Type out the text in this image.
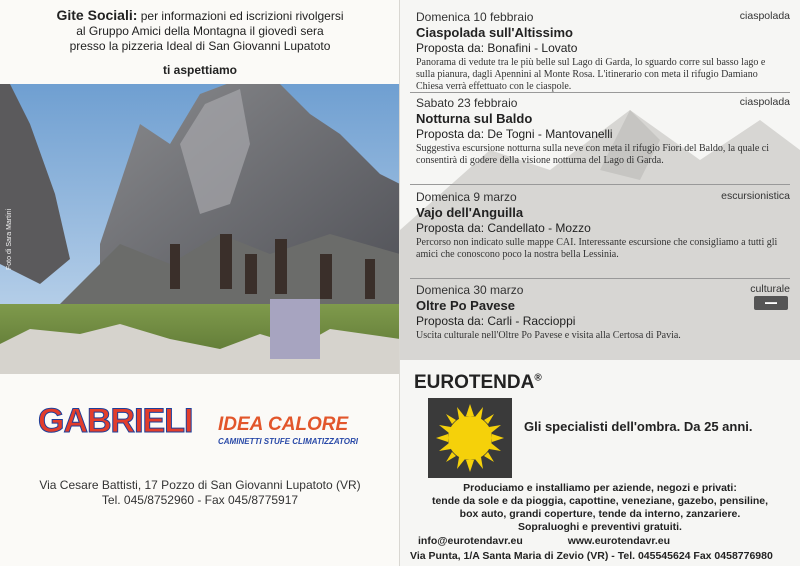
Gite Sociali: per informazioni ed iscrizioni rivolgersi
al Gruppo Amici della Montagna il giovedì sera
presso la pizzeria Ideal di San Giovanni Lupatoto
ti aspettiamo
Foto di Sara Martini
GABRIELI IDEA CALORE
CAMINETTI STUFE CLIMATIZZATORI
Via Cesare Battisti, 17 Pozzo di San Giovanni Lupatoto (VR)
Tel. 045/8752960 - Fax 045/8775917
Domenica 10 febbraio	ciaspolada
Ciaspolada sull'Altissimo
Proposta da: Bonafini - Lovato
Panorama di vedute tra le più belle sul Lago di Garda, lo sguardo corre sul basso lago e sulla pianura, dagli Apennini al Monte Rosa. L'itinerario con meta il rifugio Damiano Chiesa verrà effettuato con le ciaspole.
Sabato 23 febbraio	ciaspolada
Notturna sul Baldo
Proposta da: De Togni - Mantovanelli
Suggestiva escursione notturna sulla neve con meta il rifugio Fiori del Baldo, la quale ci consentirà di godere della visione notturna del Lago di Garda.
Domenica 9 marzo	escursionistica
Vajo dell'Anguilla
Proposta da: Candellato - Mozzo
Percorso non indicato sulle mappe CAI. Interessante escursione che consigliamo a tutti gli amici che conoscono poco la nostra bella Lessinia.
Domenica 30 marzo	culturale
Oltre Po Pavese
Proposta da: Carli - Raccioppi
Uscita culturale nell'Oltre Po Pavese e visita alla Certosa di Pavia.
▬▬
EUROTENDA®
Gli specialisti dell'ombra. Da 25 anni.
Produciamo e installiamo per aziende, negozi e privati:
tende da sole e da pioggia, capottine, veneziane, gazebo, pensiline,
box auto, grandi coperture, tende da interno, zanzariere.
Sopraluoghi e preventivi gratuiti.
info@eurotendavr.eu	www.eurotendavr.eu
Via Punta, 1/A Santa Maria di Zevio (VR) - Tel. 045545624 Fax 0458776980
